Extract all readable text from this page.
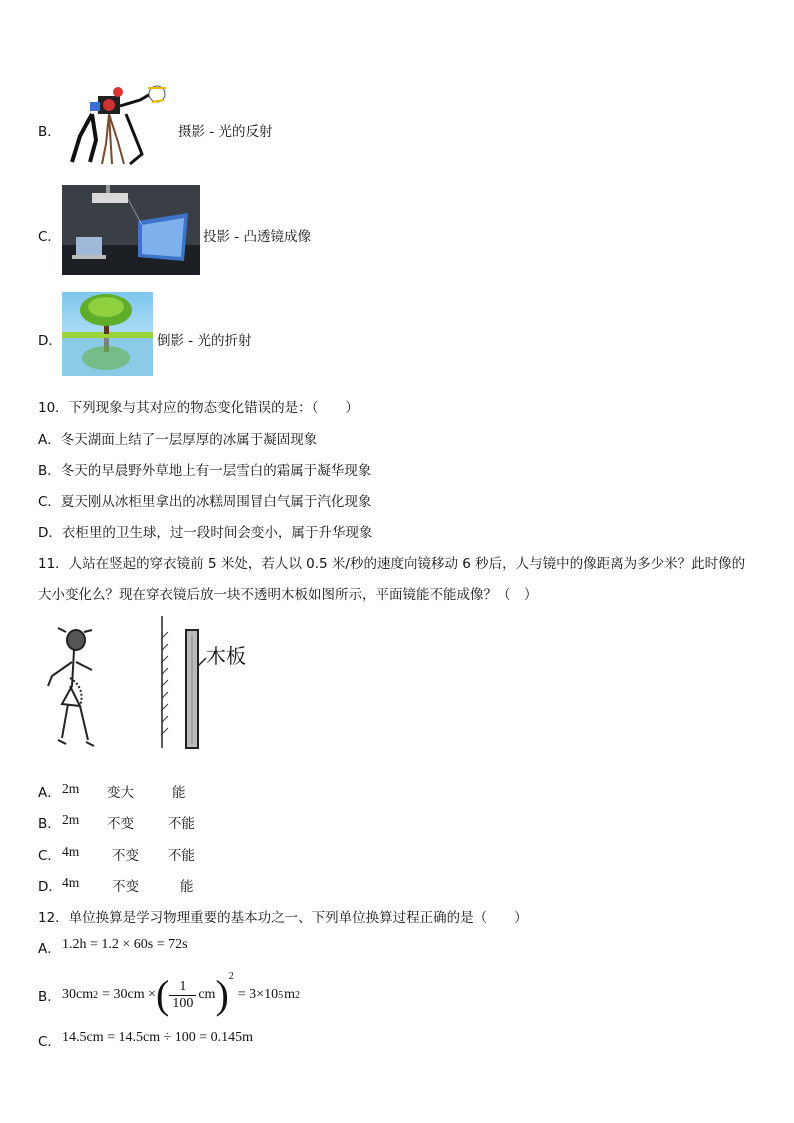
B．	摄影 - 光的反射
C．	投影 - 凸透镜成像
D．	倒影 - 光的折射
10．下列现象与其对应的物态变化错误的是：（　　）
A．冬天湖面上结了一层厚厚的冰属于凝固现象
B．冬天的早晨野外草地上有一层雪白的霜属于凝华现象
C．夏天刚从冰柜里拿出的冰糕周围冒白气属于汽化现象
D．衣柜里的卫生球，过一段时间会变小，属于升华现象
11．人站在竖起的穿衣镜前 5 米处，若人以 0.5 米/秒的速度向镜移动 6 秒后，人与镜中的像距离为多少米？此时像的
大小变化么？现在穿衣镜后放一块不透明木板如图所示，平面镜能不能成像？（　）
木板
A． 2m 变大	能
B． 2m 不变	不能
C． 4m 不变 不能
D． 4m 不变	能
12．单位换算是学习物理重要的基本功之一、下列单位换算过程正确的是（　　）
A． 1.2h = 1.2 × 60s = 72s
B． 30cm 2 = 30cm × ( $\frac{1}{100}$ cm )$^2$
= 3×10 5 m 2
C． 14.5cm = 14.5cm ÷ 100 = 0.145m
